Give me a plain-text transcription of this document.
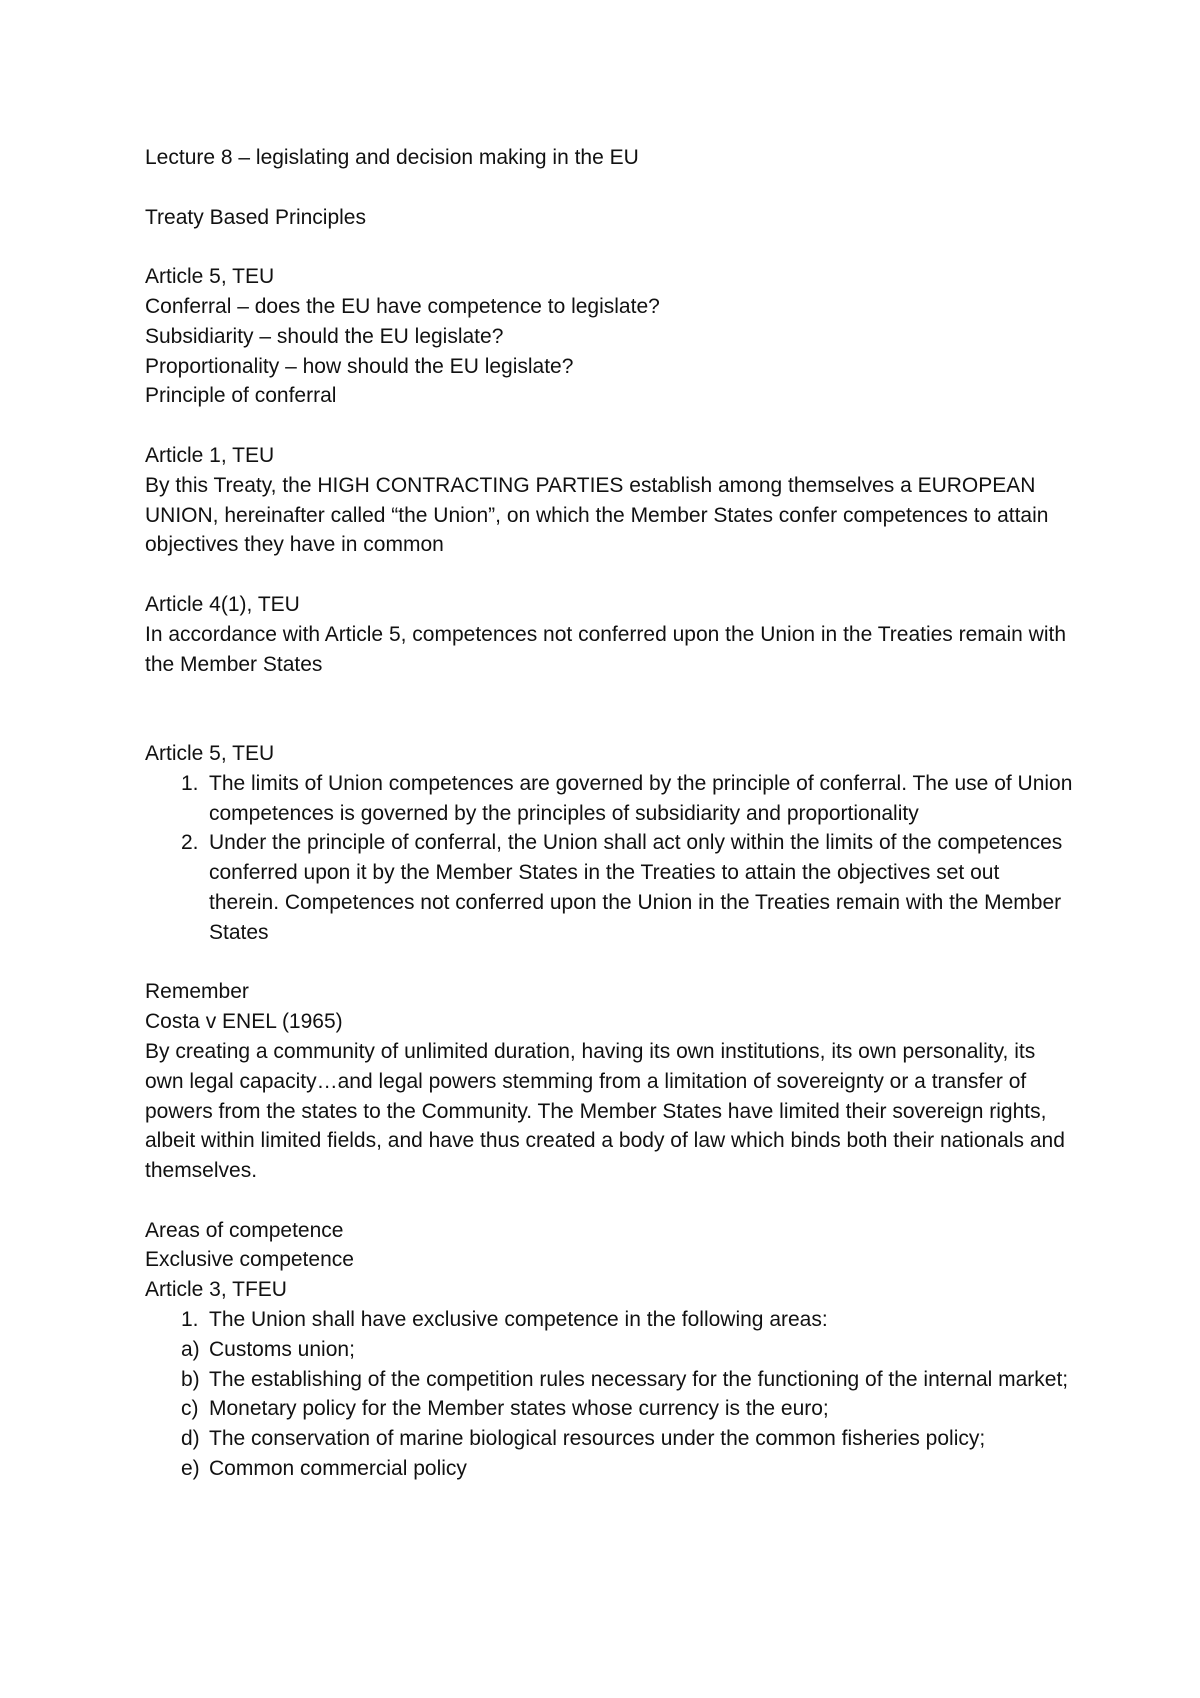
Lecture 8 – legislating and decision making in the EU
Treaty Based Principles
Article 5, TEU
Conferral – does the EU have competence to legislate?
Subsidiarity – should the EU legislate?
Proportionality – how should the EU legislate?
Principle of conferral
Article 1, TEU
By this Treaty, the HIGH CONTRACTING PARTIES establish among themselves a EUROPEAN UNION, hereinafter called “the Union”, on which the Member States confer competences to attain objectives they have in common
Article 4(1), TEU
In accordance with Article 5, competences not conferred upon the Union in the Treaties remain with the Member States
Article 5, TEU
1. The limits of Union competences are governed by the principle of conferral. The use of Union competences is governed by the principles of subsidiarity and proportionality
2. Under the principle of conferral, the Union shall act only within the limits of the competences conferred upon it by the Member States in the Treaties to attain the objectives set out therein. Competences not conferred upon the Union in the Treaties remain with the Member States
Remember
Costa v ENEL (1965)
By creating a community of unlimited duration, having its own institutions, its own personality, its own legal capacity…and legal powers stemming from a limitation of sovereignty or a transfer of powers from the states to the Community. The Member States have limited their sovereign rights, albeit within limited fields, and have thus created a body of law which binds both their nationals and themselves.
Areas of competence
Exclusive competence
Article 3, TFEU
1. The Union shall have exclusive competence in the following areas:
a) Customs union;
b) The establishing of the competition rules necessary for the functioning of the internal market;
c) Monetary policy for the Member states whose currency is the euro;
d) The conservation of marine biological resources under the common fisheries policy;
e) Common commercial policy
